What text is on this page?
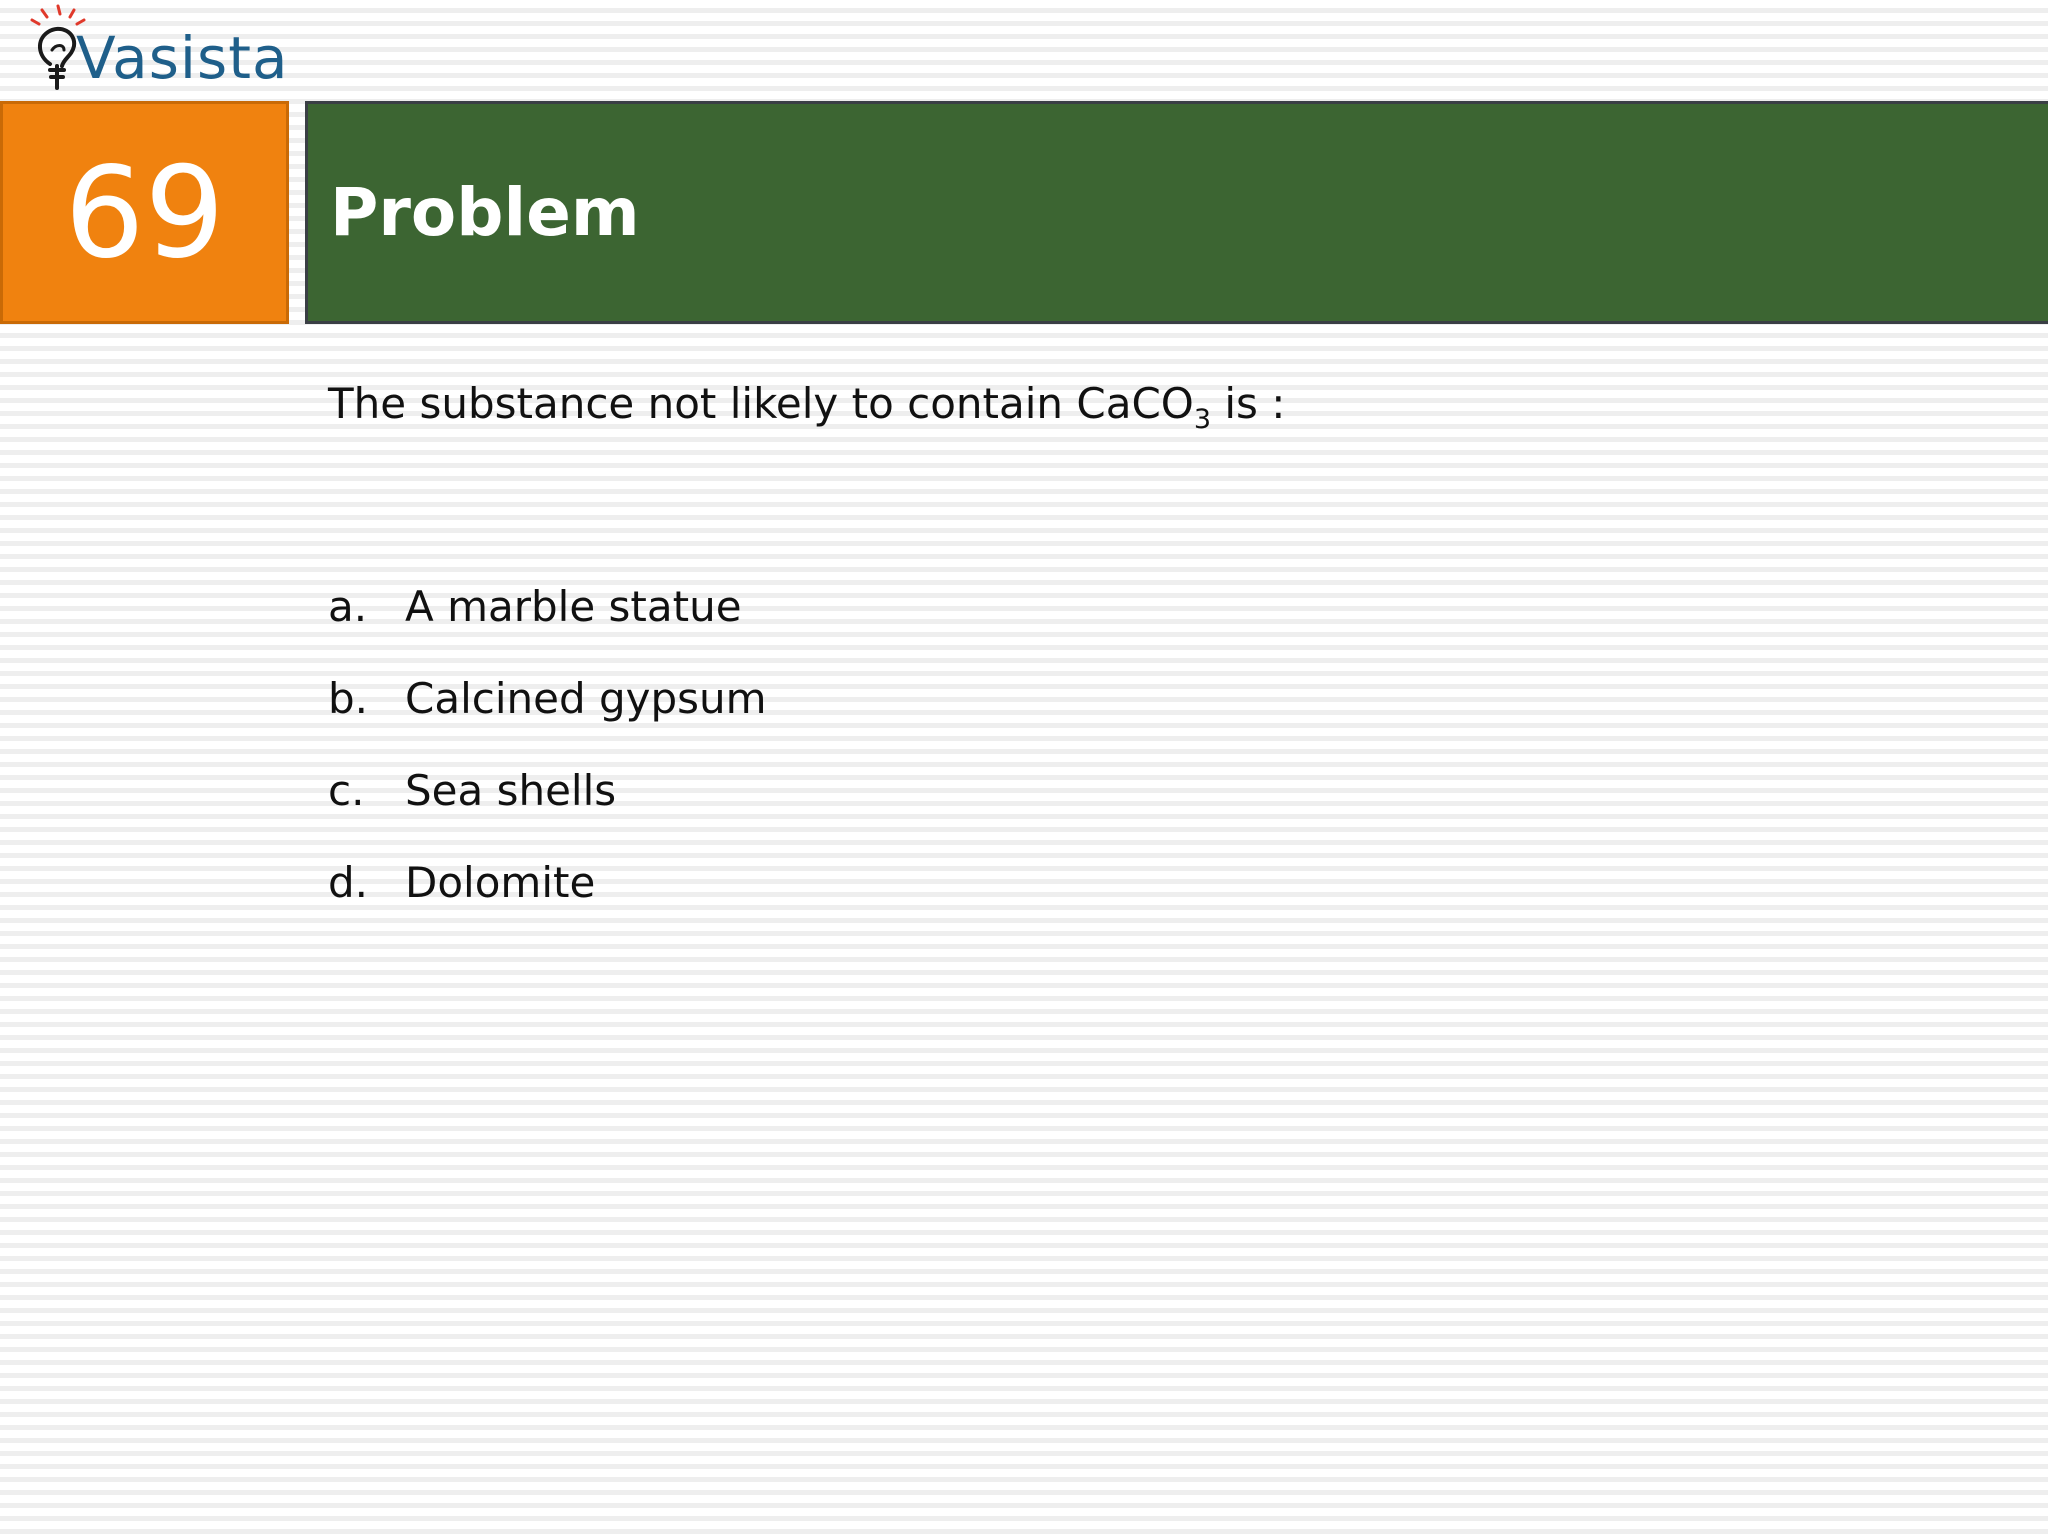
Vasista
69 Problem
The substance not likely to contain CaCO$_3$ is :
a. A marble statue
b. Calcined gypsum
c. Sea shells
d. Dolomite
